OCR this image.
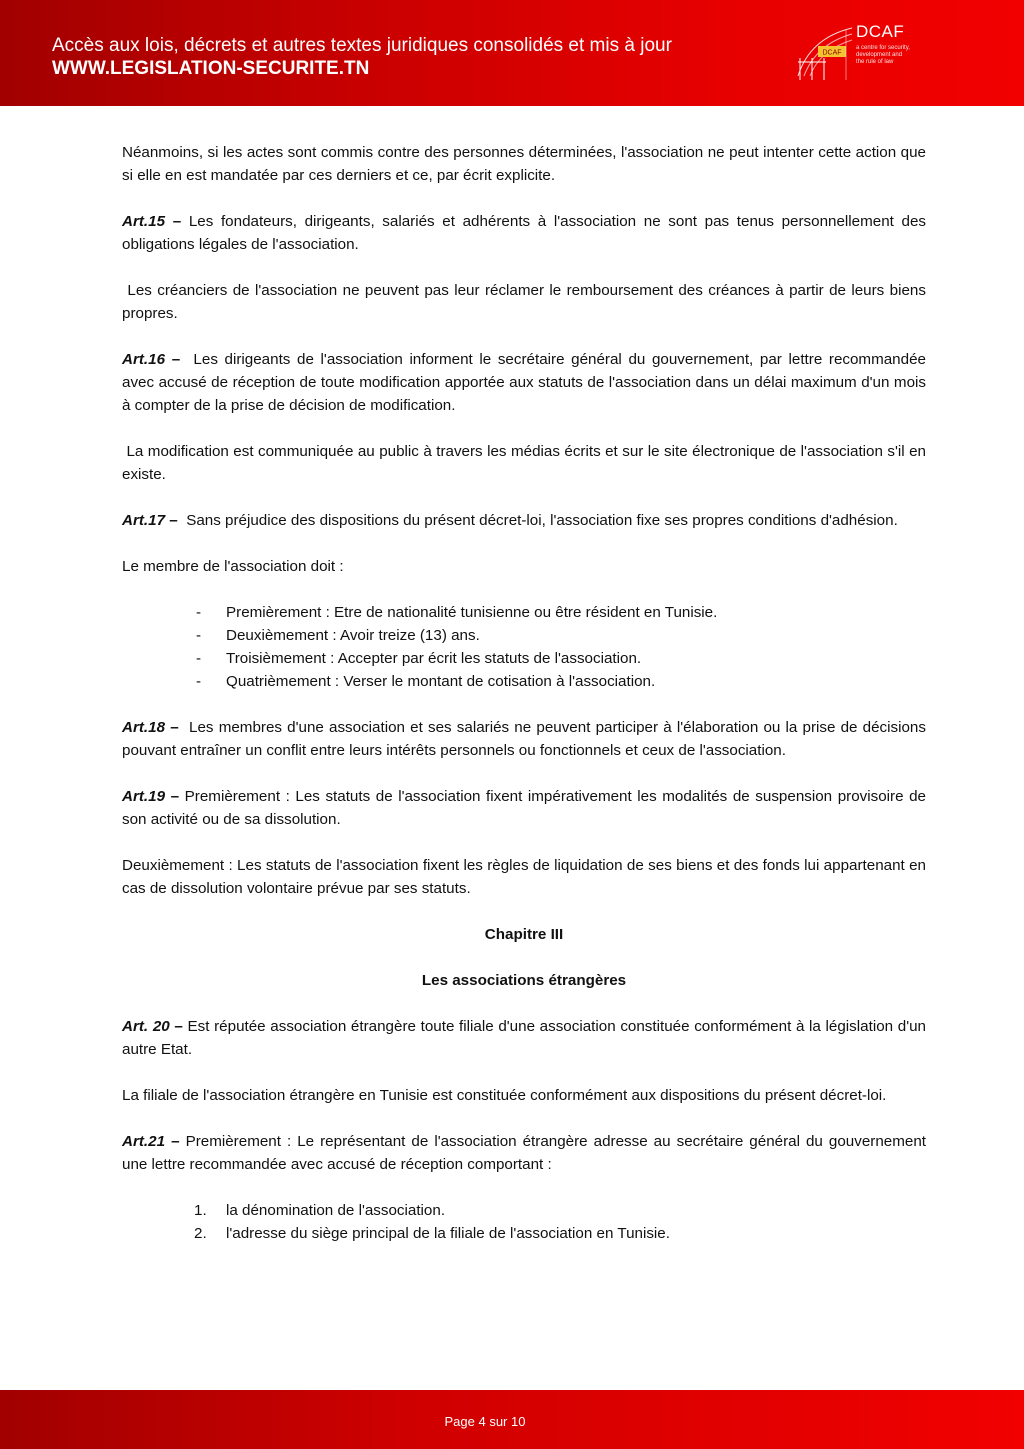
Accès aux lois, décrets et autres textes juridiques consolidés et mis à jour
WWW.LEGISLATION-SECURITE.TN
DCAF
DCAF
a centre for security,
development and
the rule of law

Néanmoins, si les actes sont commis contre des personnes déterminées, l'association ne peut intenter cette action que si elle en est mandatée par ces derniers et ce, par écrit explicite.

Art.15 – Les fondateurs, dirigeants, salariés et adhérents à l'association ne sont pas tenus personnellement des obligations légales de l'association.

Les créanciers de l'association ne peuvent pas leur réclamer le remboursement des créances à partir de leurs biens propres.

Art.16 – Les dirigeants de l'association informent le secrétaire général du gouvernement, par lettre recommandée avec accusé de réception de toute modification apportée aux statuts de l'association dans un délai maximum d'un mois à compter de la prise de décision de modification.

La modification est communiquée au public à travers les médias écrits et sur le site électronique de l'association s'il en existe.

Art.17 – Sans préjudice des dispositions du présent décret-loi, l'association fixe ses propres conditions d'adhésion.

Le membre de l'association doit :

- Premièrement : Etre de nationalité tunisienne ou être résident en Tunisie.
- Deuxièmement : Avoir treize (13) ans.
- Troisièmement : Accepter par écrit les statuts de l'association.
- Quatrièmement : Verser le montant de cotisation à l'association.

Art.18 – Les membres d'une association et ses salariés ne peuvent participer à l'élaboration ou la prise de décisions pouvant entraîner un conflit entre leurs intérêts personnels ou fonctionnels et ceux de l'association.

Art.19 – Premièrement : Les statuts de l'association fixent impérativement les modalités de suspension provisoire de son activité ou de sa dissolution.

Deuxièmement : Les statuts de l'association fixent les règles de liquidation de ses biens et des fonds lui appartenant en cas de dissolution volontaire prévue par ses statuts.

Chapitre III

Les associations étrangères

Art. 20 – Est réputée association étrangère toute filiale d'une association constituée conformément à la législation d'un autre Etat.

La filiale de l'association étrangère en Tunisie est constituée conformément aux dispositions du présent décret-loi.

Art.21 – Premièrement : Le représentant de l'association étrangère adresse au secrétaire général du gouvernement une lettre recommandée avec accusé de réception comportant :

1. la dénomination de l'association.
2. l'adresse du siège principal de la filiale de l'association en Tunisie.
Page 4 sur 10
